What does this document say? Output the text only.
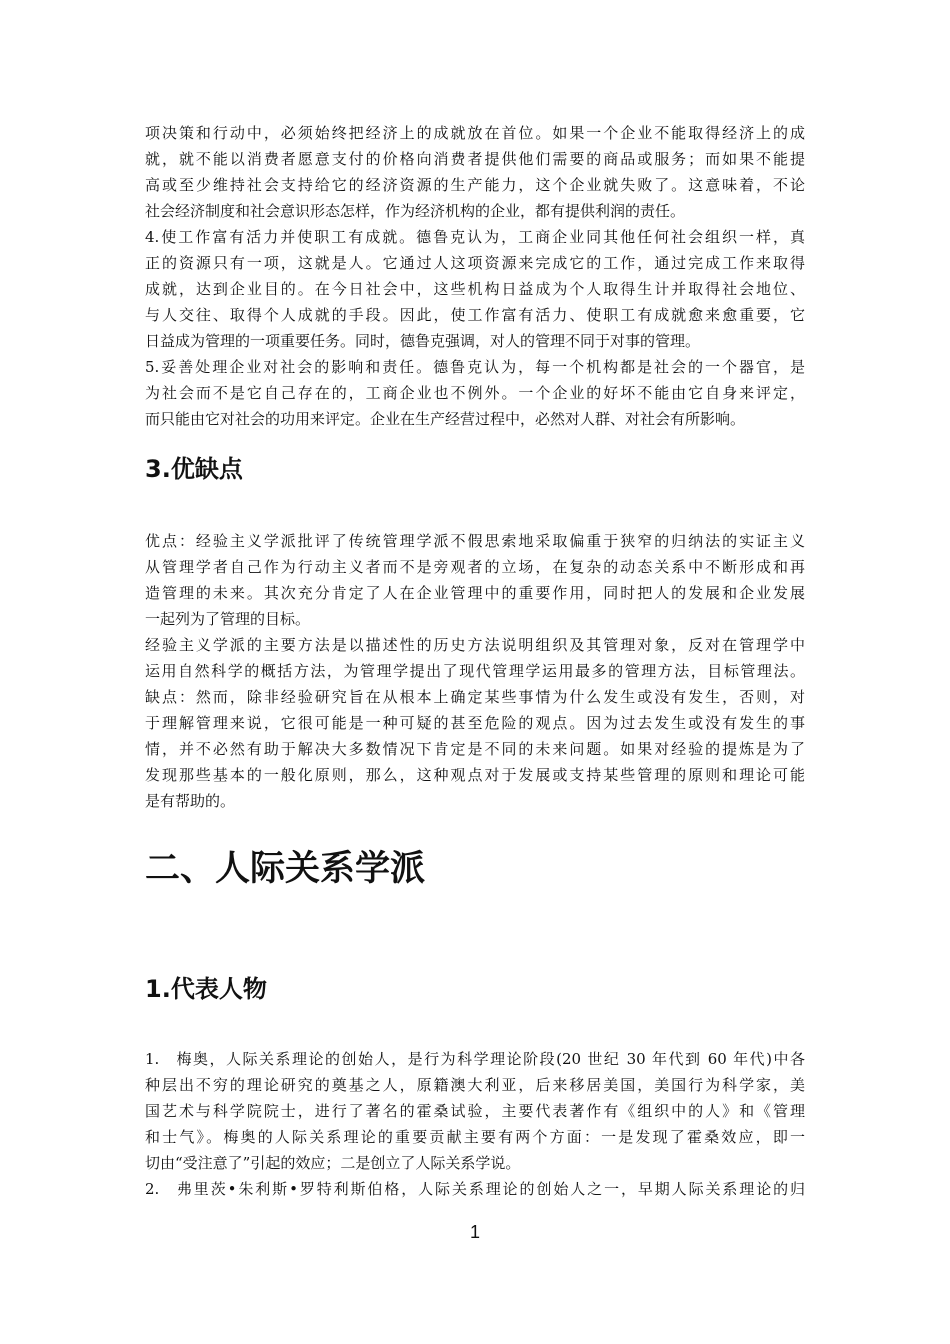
项决策和行动中，必须始终把经济上的成就放在首位。如果一个企业不能取得经济上的成
就，就不能以消费者愿意支付的价格向消费者提供他们需要的商品或服务；而如果不能提
高或至少维持社会支持给它的经济资源的生产能力，这个企业就失败了。这意味着，不论
社会经济制度和社会意识形态怎样，作为经济机构的企业，都有提供利润的责任。
4.使工作富有活力并使职工有成就。德鲁克认为，工商企业同其他任何社会组织一样，真
正的资源只有一项，这就是人。它通过人这项资源来完成它的工作，通过完成工作来取得
成就，达到企业目的。在今日社会中，这些机构日益成为个人取得生计并取得社会地位、
与人交往、取得个人成就的手段。因此，使工作富有活力、使职工有成就愈来愈重要，它
日益成为管理的一项重要任务。同时，德鲁克强调，对人的管理不同于对事的管理。
5.妥善处理企业对社会的影响和责任。德鲁克认为，每一个机构都是社会的一个器官，是
为社会而不是它自己存在的，工商企业也不例外。一个企业的好坏不能由它自身来评定，
而只能由它对社会的功用来评定。企业在生产经营过程中，必然对人群、对社会有所影响。
3.优缺点
优点：经验主义学派批评了传统管理学派不假思索地采取偏重于狭窄的归纳法的实证主义
从管理学者自己作为行动主义者而不是旁观者的立场，在复杂的动态关系中不断形成和再
造管理的未来。其次充分肯定了人在企业管理中的重要作用，同时把人的发展和企业发展
一起列为了管理的目标。
经验主义学派的主要方法是以描述性的历史方法说明组织及其管理对象，反对在管理学中
运用自然科学的概括方法，为管理学提出了现代管理学运用最多的管理方法，目标管理法。
缺点：然而，除非经验研究旨在从根本上确定某些事情为什么发生或没有发生，否则，对
于理解管理来说，它很可能是一种可疑的甚至危险的观点。因为过去发生或没有发生的事
情，并不必然有助于解决大多数情况下肯定是不同的未来问题。如果对经验的提炼是为了
发现那些基本的一般化原则，那么，这种观点对于发展或支持某些管理的原则和理论可能
是有帮助的。
二、人际关系学派
1.代表人物
1. 梅奥，人际关系理论的创始人，是行为科学理论阶段(20 世纪 30 年代到 60 年代)中各
种层出不穷的理论研究的奠基之人，原籍澳大利亚，后来移居美国，美国行为科学家，美
国艺术与科学院院士，进行了著名的霍桑试验，主要代表著作有《组织中的人》和《管理
和士气》。梅奥的人际关系理论的重要贡献主要有两个方面：一是发现了霍桑效应，即一
切由“受注意了”引起的效应；二是创立了人际关系学说。
2. 弗里茨•朱利斯•罗特利斯伯格，人际关系理论的创始人之一，早期人际关系理论的归
1
